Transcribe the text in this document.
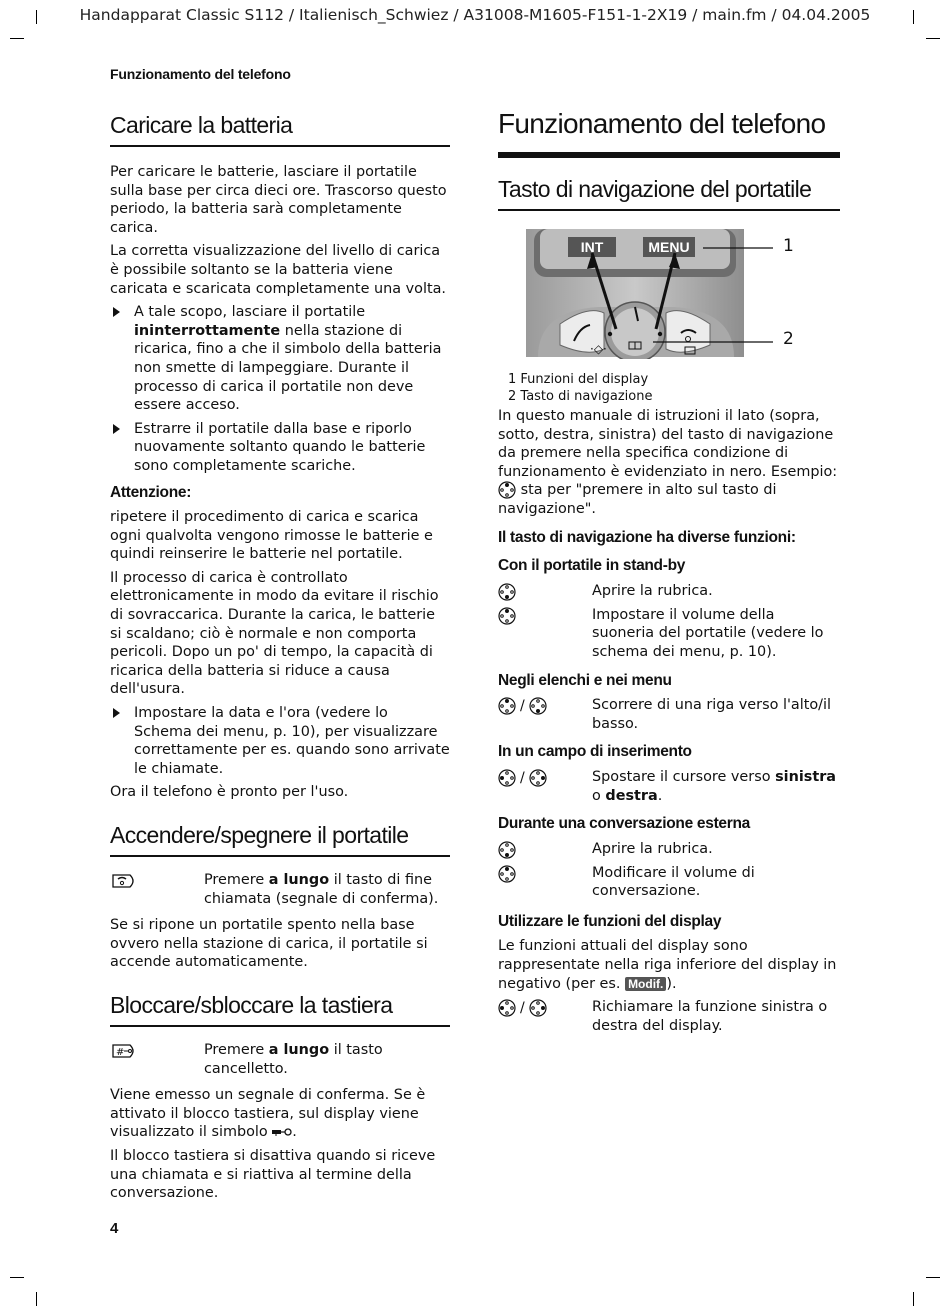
Handapparat Classic S112 / Italienisch_Schwiez / A31008-M1605-F151-1-2X19 / main.fm / 04.04.2005
Funzionamento del telefono
Caricare la batteria

Per caricare le batterie, lasciare il portatile sulla base per circa dieci ore. Trascorso questo periodo, la batteria sarà completamente carica.

La corretta visualizzazione del livello di carica è possibile soltanto se la batteria viene caricata e scaricata completamente una volta.

A tale scopo, lasciare il portatile ininterrottamente nella stazione di ricarica, fino a che il simbolo della batteria non smette di lampeggiare. Durante il processo di carica il portatile non deve essere acceso.
Estrarre il portatile dalla base e riporlo nuovamente soltanto quando le batterie sono completamente scariche.
Attenzione:

ripetere il procedimento di carica e scarica ogni qualvolta vengono rimosse le batterie e quindi reinserire le batterie nel portatile.

Il processo di carica è controllato elettronicamente in modo da evitare il rischio di sovraccarica. Durante la carica, le batterie si scaldano; ciò è normale e non comporta pericoli. Dopo un po' di tempo, la capacità di ricarica della batteria si riduce a causa dell'usura.

Impostare la data e l'ora (vedere lo Schema dei menu, p. 10), per visualizzare correttamente per es. quando sono arrivate le chiamate.

Ora il telefono è pronto per l'uso.

Accendere/spegnere il portatile
Premere a lungo il tasto di fine chiamata (segnale di conferma).

Se si ripone un portatile spento nella base ovvero nella stazione di carica, il portatile si accende automaticamente.

Bloccare/sbloccare la tastiera
#	Premere a lungo il tasto cancelletto.

Viene emesso un segnale di conferma. Se è attivato il blocco tastiera, sul display viene visualizzato il simbolo .

Il blocco tastiera si disattiva quando si riceve una chiamata e si riattiva al termine della conversazione.

Funzionamento del telefono
Tasto di navigazione del portatile
·◇·
INT	MENU	1
2
1 Funzioni del display
2 Tasto di navigazione

In questo manuale di istruzioni il lato (sopra, sotto, destra, sinistra) del tasto di navigazione da premere nella specifica condizione di funzionamento è evidenziato in nero. Esempio:  sta per "premere in alto sul tasto di navigazione".

Il tasto di navigazione ha diverse funzioni:
Con il portatile in stand-by
Aprire la rubrica.
Impostare il volume della suoneria del portatile (vedere lo schema dei menu, p. 10).
Negli elenchi e nei menu
/	Scorrere di una riga verso l'alto/il basso.
In un campo di inserimento
/	Spostare il cursore verso sinistra o destra.
Durante una conversazione esterna
Aprire la rubrica.
Modificare il volume di conversazione.
Utilizzare le funzioni del display

Le funzioni attuali del display sono rappresentate nella riga inferiore del display in negativo (per es. Modif. ).

/	Richiamare la funzione sinistra o destra del display.
4
